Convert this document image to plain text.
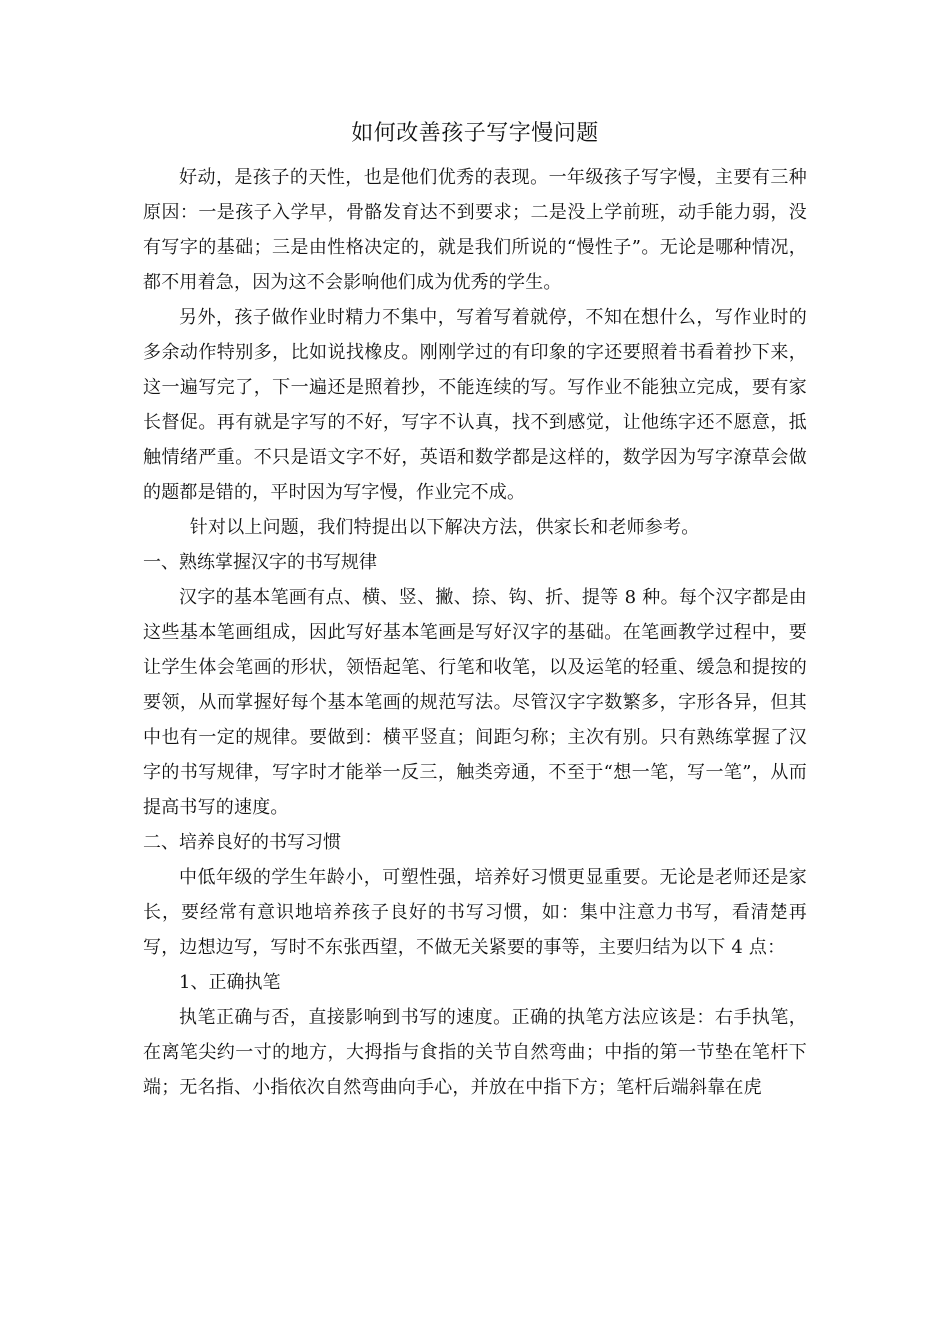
如何改善孩子写字慢问题

好动，是孩子的天性，也是他们优秀的表现。一年级孩子写字慢，主要有三种原因：一是孩子入学早，骨骼发育达不到要求；二是没上学前班，动手能力弱，没有写字的基础；三是由性格决定的，就是我们所说的“慢性子”。无论是哪种情况，都不用着急，因为这不会影响他们成为优秀的学生。

另外，孩子做作业时精力不集中，写着写着就停，不知在想什么，写作业时的多余动作特别多，比如说找橡皮。刚刚学过的有印象的字还要照着书看着抄下来，这一遍写完了，下一遍还是照着抄，不能连续的写。写作业不能独立完成，要有家长督促。再有就是字写的不好，写字不认真，找不到感觉，让他练字还不愿意，抵触情绪严重。不只是语文字不好，英语和数学都是这样的，数学因为写字潦草会做的题都是错的，平时因为写字慢，作业完不成。

针对以上问题，我们特提出以下解决方法，供家长和老师参考。

一、熟练掌握汉字的书写规律

汉字的基本笔画有点、横、竖、撇、捺、钩、折、提等 8 种。每个汉字都是由这些基本笔画组成，因此写好基本笔画是写好汉字的基础。在笔画教学过程中，要让学生体会笔画的形状，领悟起笔、行笔和收笔，以及运笔的轻重、缓急和提按的要领，从而掌握好每个基本笔画的规范写法。尽管汉字字数繁多，字形各异，但其中也有一定的规律。要做到：横平竖直；间距匀称；主次有别。只有熟练掌握了汉字的书写规律，写字时才能举一反三，触类旁通，不至于“想一笔，写一笔”，从而提高书写的速度。

二、培养良好的书写习惯

中低年级的学生年龄小，可塑性强，培养好习惯更显重要。无论是老师还是家长，要经常有意识地培养孩子良好的书写习惯，如：集中注意力书写，看清楚再写，边想边写，写时不东张西望，不做无关紧要的事等，主要归结为以下 4 点：

1、正确执笔

执笔正确与否，直接影响到书写的速度。正确的执笔方法应该是：右手执笔，在离笔尖约一寸的地方，大拇指与食指的关节自然弯曲；中指的第一节垫在笔杆下端；无名指、小指依次自然弯曲向手心，并放在中指下方；笔杆后端斜靠在虎
